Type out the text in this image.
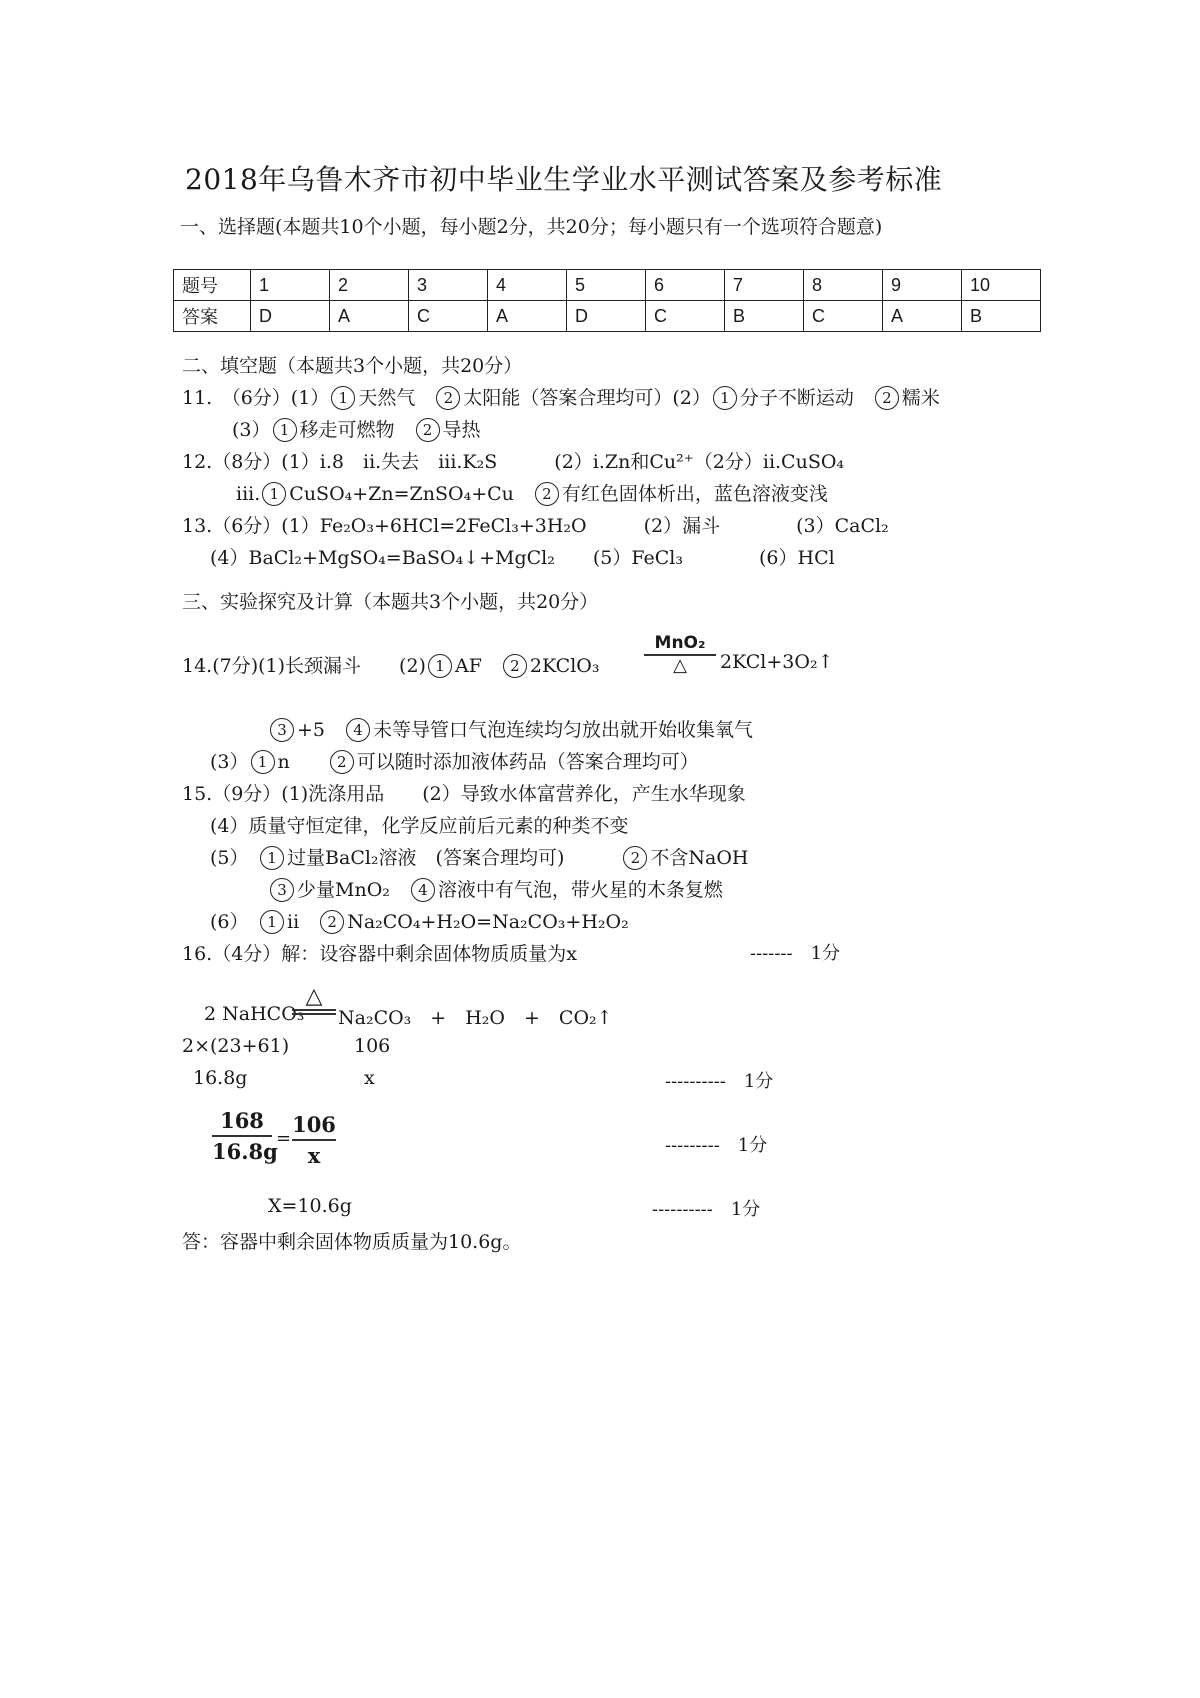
2018年乌鲁木齐市初中毕业生学业水平测试答案及参考标准
一、选择题(本题共10个小题，每小题2分，共20分；每小题只有一个选项符合题意)
题号	1	2	3	4	5	6	7	8	9	10
答案	D	A	C	A	D	C	B	C	A	B
二、填空题（本题共3个小题，共20分）
11.　（6分）(1） 1 天然气　 2 太阳能（答案合理均可）(2） 1 分子不断运动　 2 糯米
(3） 1 移走可燃物　 2 导热
12.（8分）(1）i.8　ii.失去　iii.K₂S　　　(2）i.Zn和Cu²⁺（2分）ii.CuSO₄
iii. 1 CuSO₄+Zn=ZnSO₄+Cu　 2 有红色固体析出，蓝色溶液变浅
13.（6分）(1）Fe₂O₃+6HCl=2FeCl₃+3H₂O　　　(2）漏斗　　　　(3）CaCl₂
(4）BaCl₂+MgSO₄=BaSO₄↓+MgCl₂　　(5）FeCl₃　　　　(6）HCl
三、实验探究及计算（本题共3个小题，共20分）
14.(7分)(1)长颈漏斗　　(2) 1 AF　 2 2KClO₃
MnO₂
△	2KCl+3O₂↑
3 +5　 4 未等导管口气泡连续均匀放出就开始收集氧气
(3） 1 n　　	2 可以随时添加液体药品（答案合理均可）
15.（9分）(1)洗涤用品　　(2）导致水体富营养化，产生水华现象
(4）质量守恒定律，化学反应前后元素的种类不变
(5）　 1 过量BaCl₂溶液　(答案合理均可)　　　	2 不含NaOH
3 少量MnO₂　 4 溶液中有气泡，带火星的木条复燃
(6）　 1 ii　 2 Na₂CO₄+H₂O=Na₂CO₃+H₂O₂
16.（4分）解：设容器中剩余固体物质质量为x	-------　1分
2 NaHCO₃
△
Na₂CO₃　+　H₂O　+　CO₂↑
2×(23+61)	106
16.8g	x	----------　1分
168
16.8g
=
106
x	---------　1分
X=10.6g	----------　1分
答：容器中剩余固体物质质量为10.6g。
